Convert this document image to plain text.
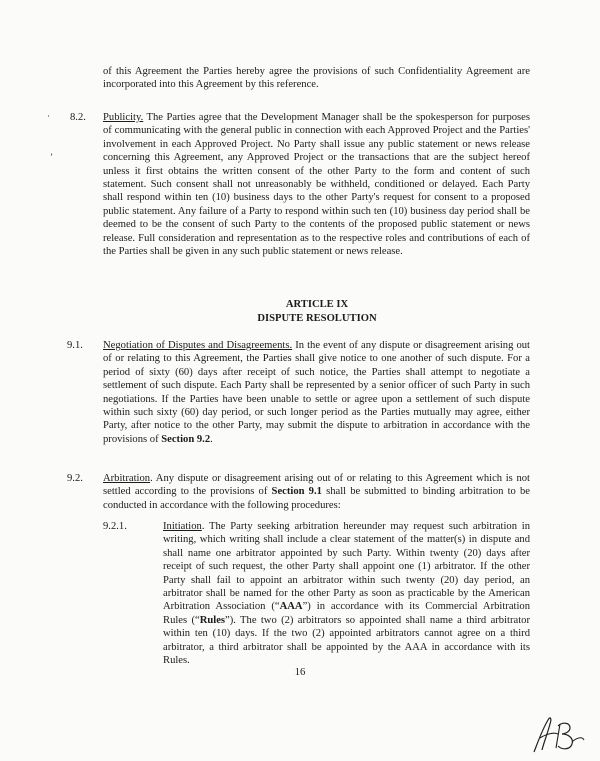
of this Agreement the Parties hereby agree the provisions of such Confidentiality Agreement are incorporated into this Agreement by this reference.

· 8.2. Publicity. The Parties agree that the Development Manager shall be the spokesperson for purposes of communicating with the general public in connection with each Approved Project and the Parties' involvement in each Approved Project. No Party shall issue any public statement or news release concerning this Agreement, any Approved Project or the transactions that are the subject hereof unless it first obtains the written consent of the other Party to the form and content of such statement. Such consent shall not unreasonably be withheld, conditioned or delayed. Each Party shall respond within ten (10) business days to the other Party's request for consent to a proposed public statement. Any failure of a Party to respond within such ten (10) business day period shall be deemed to be the consent of such Party to the contents of the proposed public statement or news release. Full consideration and representation as to the respective roles and contributions of each of the Parties shall be given in any such public statement or news release.

’
ARTICLE IX
DISPUTE RESOLUTION
9.1. Negotiation of Disputes and Disagreements. In the event of any dispute or disagreement arising out of or relating to this Agreement, the Parties shall give notice to one another of such dispute. For a period of sixty (60) days after receipt of such notice, the Parties shall attempt to negotiate a settlement of such dispute. Each Party shall be represented by a senior officer of such Party in such negotiations. If the Parties have been unable to settle or agree upon a settlement of such dispute within such sixty (60) day period, or such longer period as the Parties mutually may agree, either Party, after notice to the other Party, may submit the dispute to arbitration in accordance with the provisions of Section 9.2.

9.2. Arbitration. Any dispute or disagreement arising out of or relating to this Agreement which is not settled according to the provisions of Section 9.1 shall be submitted to binding arbitration to be conducted in accordance with the following procedures:

9.2.1.	Initiation. The Party seeking arbitration hereunder may request such arbitration in writing, which writing shall include a clear statement of the matter(s) in dispute and shall name one arbitrator appointed by such Party. Within twenty (20) days after receipt of such request, the other Party shall appoint one (1) arbitrator. If the other Party shall fail to appoint an arbitrator within such twenty (20) day period, an arbitrator shall be named for the other Party as soon as practicable by the American Arbitration Association (“AAA”) in accordance with its Commercial Arbitration Rules (“Rules”). The two (2) arbitrators so appointed shall name a third arbitrator within ten (10) days. If the two (2) appointed arbitrators cannot agree on a third arbitrator, a third arbitrator shall be appointed by the AAA in accordance with its Rules.

16
